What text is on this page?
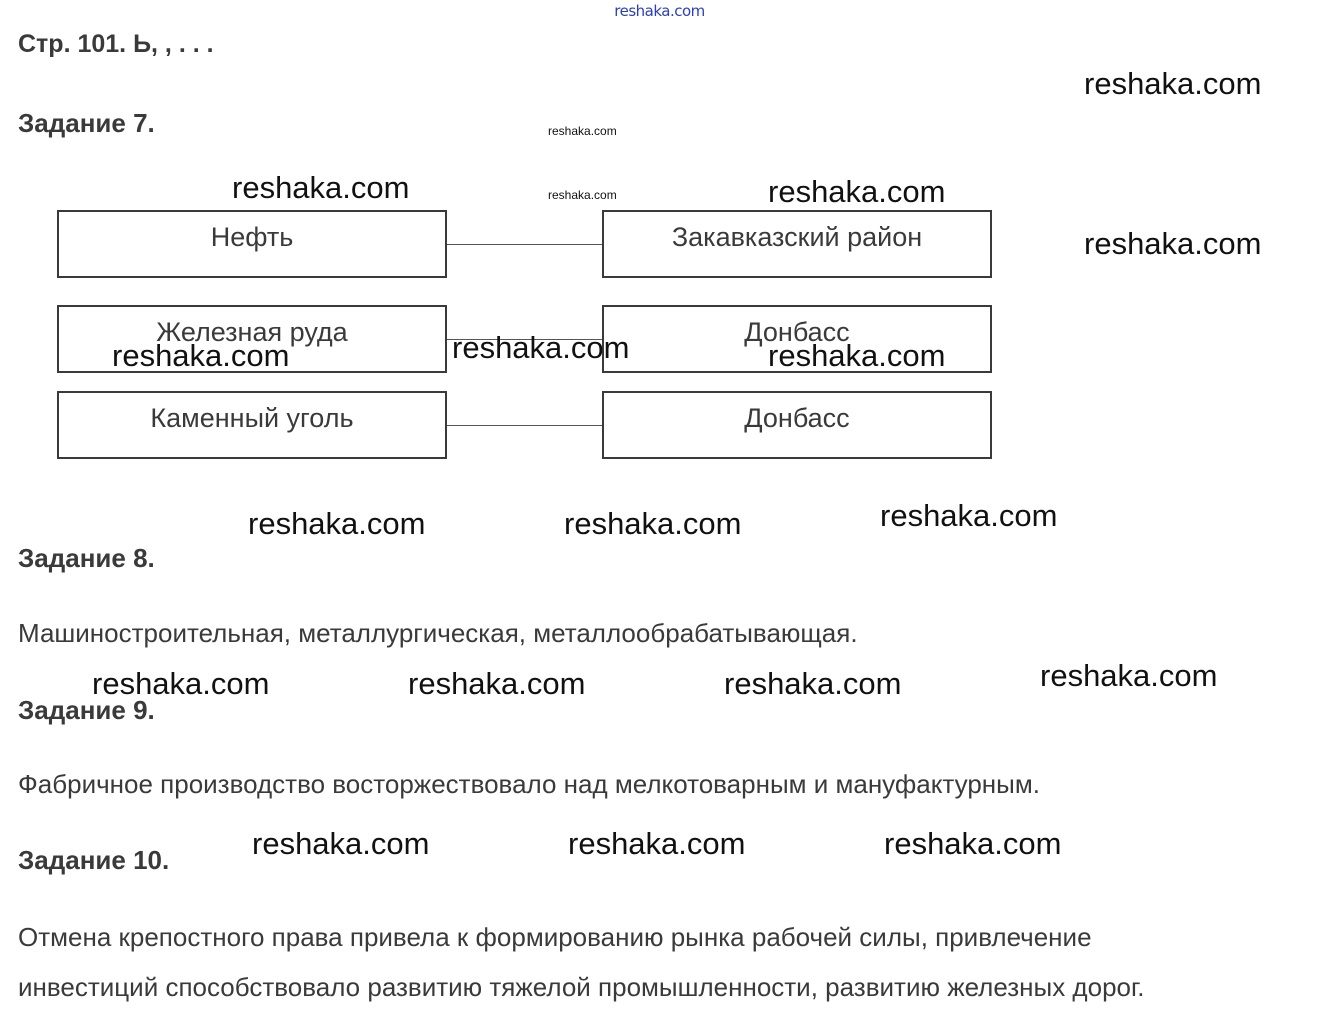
reshaka.com
Стр. 101. Ь, , . . .
Задание 7.
Нефть	Закавказский район
Железная руда	Донбасс
Каменный уголь	Донбасс
Задание 8.
Машиностроительная, металлургическая, металлообрабатывающая.
Задание 9.
Фабричное производство восторжествовало над мелкотоварным и мануфактурным.
Задание 10.
Отмена крепостного права привела к формированию рынка рабочей силы, привлечение
инвестиций способствовало развитию тяжелой промышленности, развитию железных дорог.
reshaka.com
reshaka.com
reshaka.com	reshaka.com	reshaka.com
reshaka.com
reshaka.com	reshaka.com	reshaka.com
reshaka.com	reshaka.com	reshaka.com
reshaka.com	reshaka.com	reshaka.com	reshaka.com
reshaka.com	reshaka.com	reshaka.com
